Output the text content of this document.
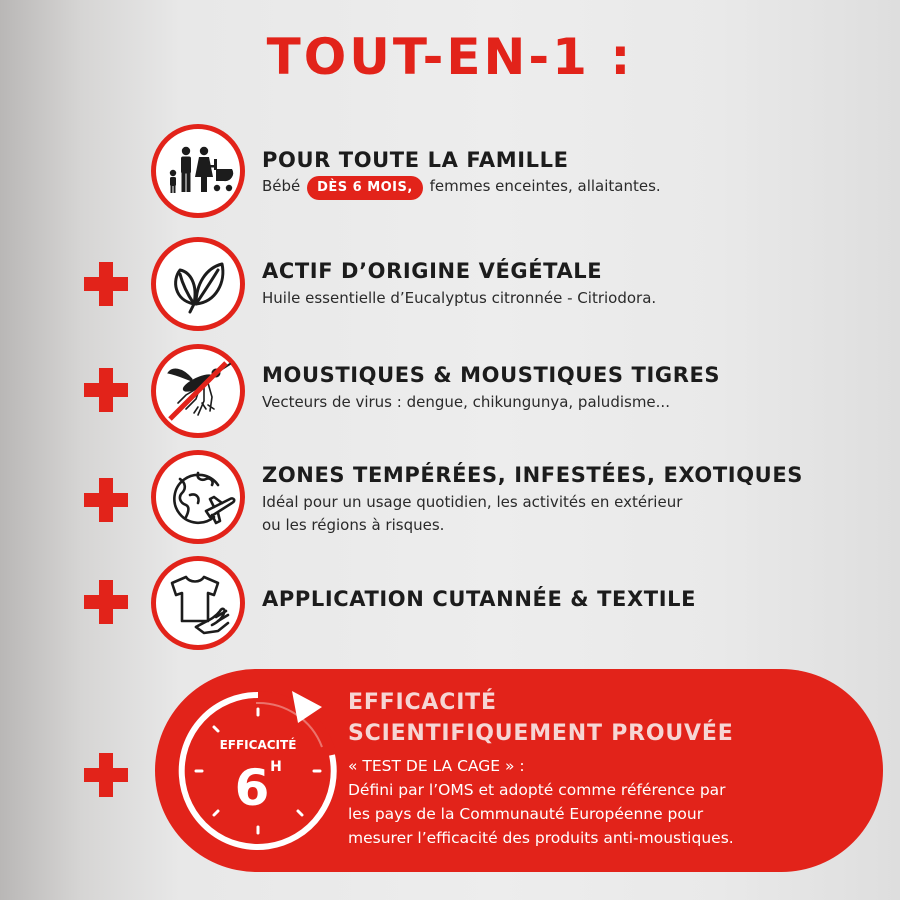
TOUT-EN-1 :
POUR TOUTE LA FAMILLE
Bébé DÈS 6 MOIS, femmes enceintes, allaitantes.
ACTIF D’ORIGINE VÉGÉTALE
Huile essentielle d’Eucalyptus citronnée - Citriodora.
MOUSTIQUES & MOUSTIQUES TIGRES
Vecteurs de virus : dengue, chikungunya, paludisme...
ZONES TEMPÉRÉES, INFESTÉES, EXOTIQUES
Idéal pour un usage quotidien, les activités en extérieur
ou les régions à risques.
APPLICATION CUTANNÉE & TEXTILE
EFFICACITÉ
6 H
EFFICACITÉ
SCIENTIFIQUEMENT PROUVÉE
« TEST DE LA CAGE » :
Défini par l’OMS et adopté comme référence par
les pays de la Communauté Européenne pour
mesurer l’efficacité des produits anti-moustiques.
